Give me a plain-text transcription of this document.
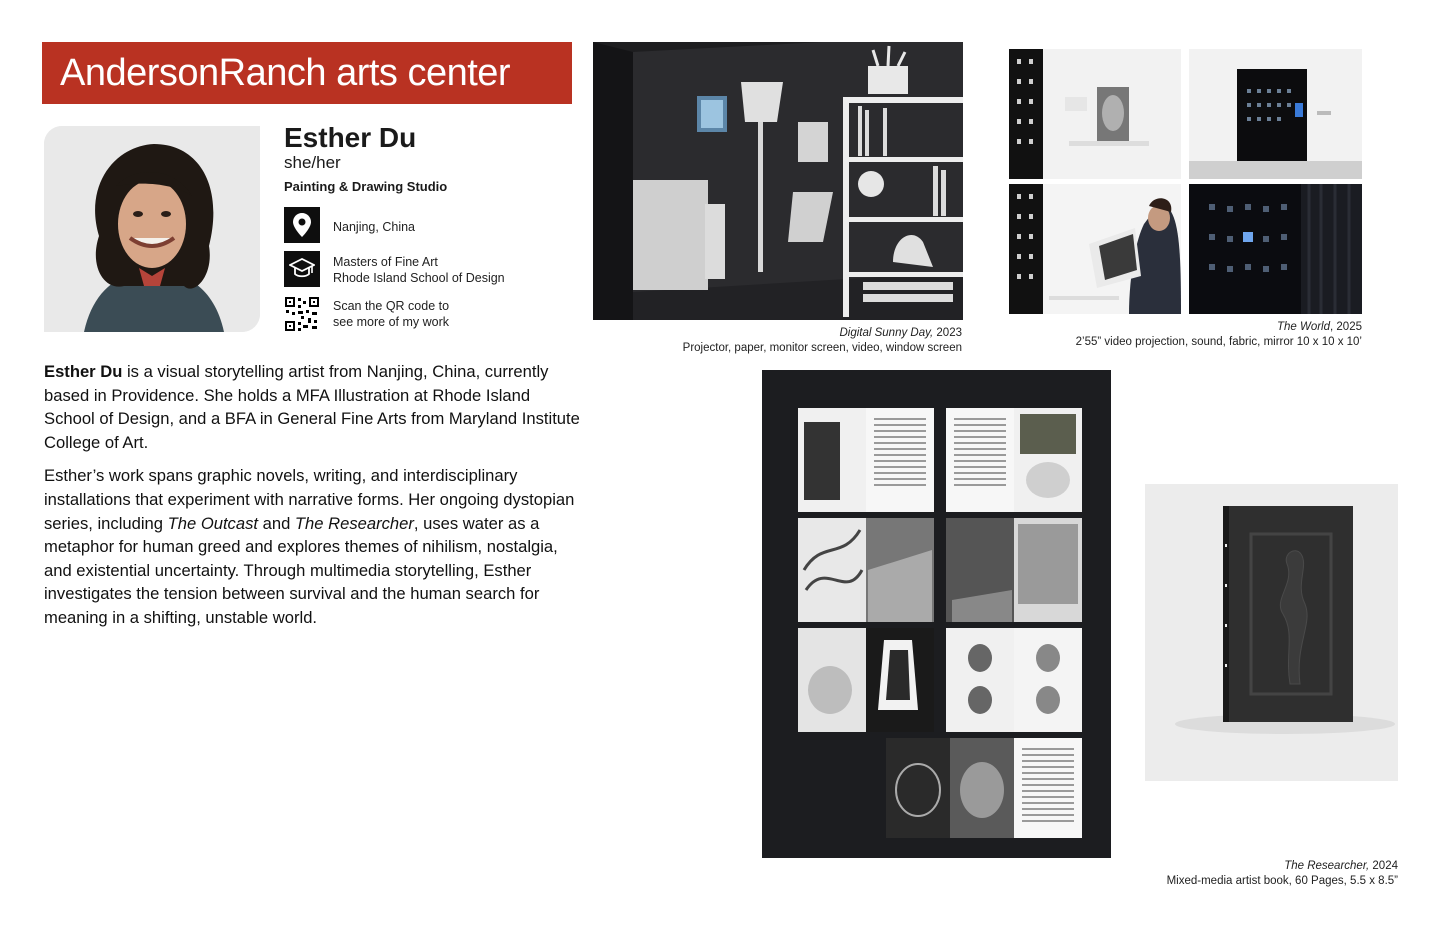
AndersonRanch arts center
Esther Du
she/her
Painting & Drawing Studio
Nanjing, China
Masters of Fine Art
Rhode Island School of Design
Scan the QR code to
see more of my work

Esther Du is a visual storytelling artist from Nanjing, China, currently based in Providence. She holds a MFA Illustration at Rhode Island School of Design, and a BFA in General Fine Arts from Maryland Institute College of Art.

Esther’s work spans graphic novels, writing, and interdisciplinary installations that experiment with narrative forms. Her ongoing dystopian series, including The Outcast and The Researcher, uses water as a metaphor for human greed and explores themes of nihilism, nostalgia, and existential uncertainty. Through multimedia storytelling, Esther investigates the tension between survival and the human search for meaning in a shifting, unstable world.

Digital Sunny Day, 2023
Projector, paper, monitor screen, video, window screen
The World, 2025
2’55” video projection, sound, fabric, mirror 10 x 10 x 10’
The Researcher, 2024
Mixed-media artist book, 60 Pages, 5.5 x 8.5”
